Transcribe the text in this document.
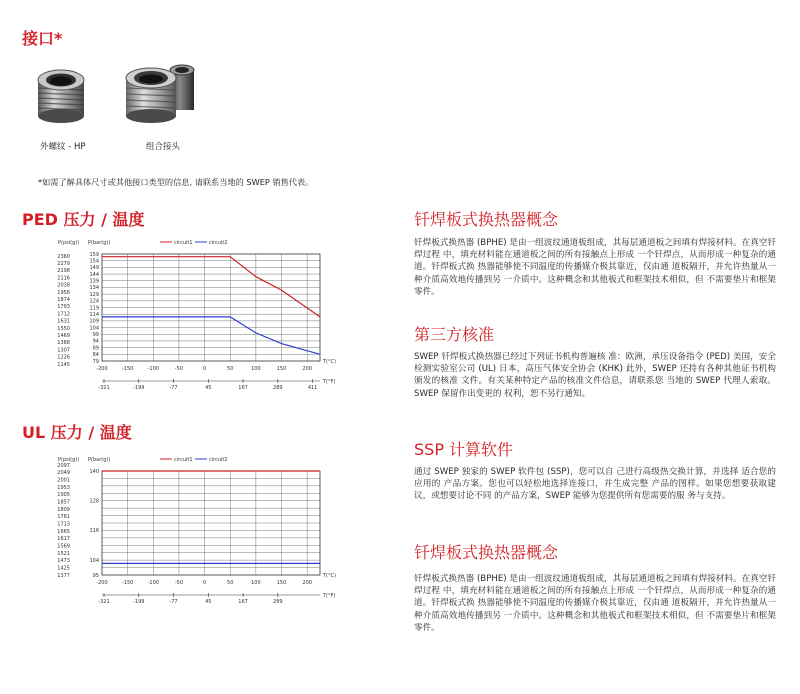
接口*
外螺纹 - HP	组合接头
*如需了解具体尺寸或其他接口类型的信息, 请联系当地的 SWEP 销售代表。
PED 压力 / 温度
P(psi(g)) P(bar(g))	circuit1	circuit2
159
154
149
144
139
134
129
124
119
114
109
104
99
94
89
84
79
2360
2279
2198
2116
2038
1956
1874
1793
1712
1631
1550
1469
1388
1307
1226
1145
-200	-150	-100	-50	0	50	100	150	200
T(°C)
-321	-199	-77	45	167	289	411
T(°F)
UL 压力 / 温度
P(psi(g)) P(bar(g))	circuit1	circuit2
140
128
116
104
95
2097
2049
2001
1953
1905
1857
1809
1761
1713
1665
1617
1569
1521
1473
1425
1377
-200	-150	-100	-50	0	50	100	150	200
T(°C)
-321	-199	-77	45	167	289
T(°F)
钎焊板式换热器概念
钎焊板式换热器 (BPHE) 是由一组波纹通道板组成，其每层通道板之间填有焊接材料。在真空钎焊过程 中，填充材料能在通道板之间的所有接触点上形成 一个钎焊点，从而形成一种复杂的通道。钎焊板式换 热器能够使不同温度的传播媒介极其靠近，仅由通 道板隔开，并允许热量从一种介质高效地传播到另 一介质中。这种概念和其他板式和框架技术相似，但 不需要垫片和框架零件。
第三方核准
SWEP 钎焊板式换热器已经过下列证书机构普遍核 准：欧洲，承压设备指令 (PED) 美国，安全检测实验室公司 (UL) 日本，高压气体安全协会 (KHK) 此外，SWEP 还持有各种其他证书机构颁发的核准 文件。有关某种特定产品的核准文件信息，请联系您 当地的 SWEP 代理人索取。SWEP 保留作出变更的 权利，恕不另行通知。
SSP 计算软件
通过 SWEP 独家的 SWEP 软件包 (SSP)，您可以自 己进行高级热交换计算，并选择 适合您的应用的 产品方案。您也可以轻松地选择连接口，并生成完整 产品的图样。如果您想要获取建议，或想要讨论不同 的产品方案，SWEP 能够为您提供所有您需要的服 务与支持。
钎焊板式换热器概念
钎焊板式换热器 (BPHE) 是由一组波纹通道板组成，其每层通道板之间填有焊接材料。在真空钎焊过程 中，填充材料能在通道板之间的所有接触点上形成 一个钎焊点，从而形成一种复杂的通道。钎焊板式换 热器能够使不同温度的传播媒介极其靠近，仅由通 道板隔开，并允许热量从一种介质高效地传播到另 一介质中。这种概念和其他板式和框架技术相似，但 不需要垫片和框架零件。
